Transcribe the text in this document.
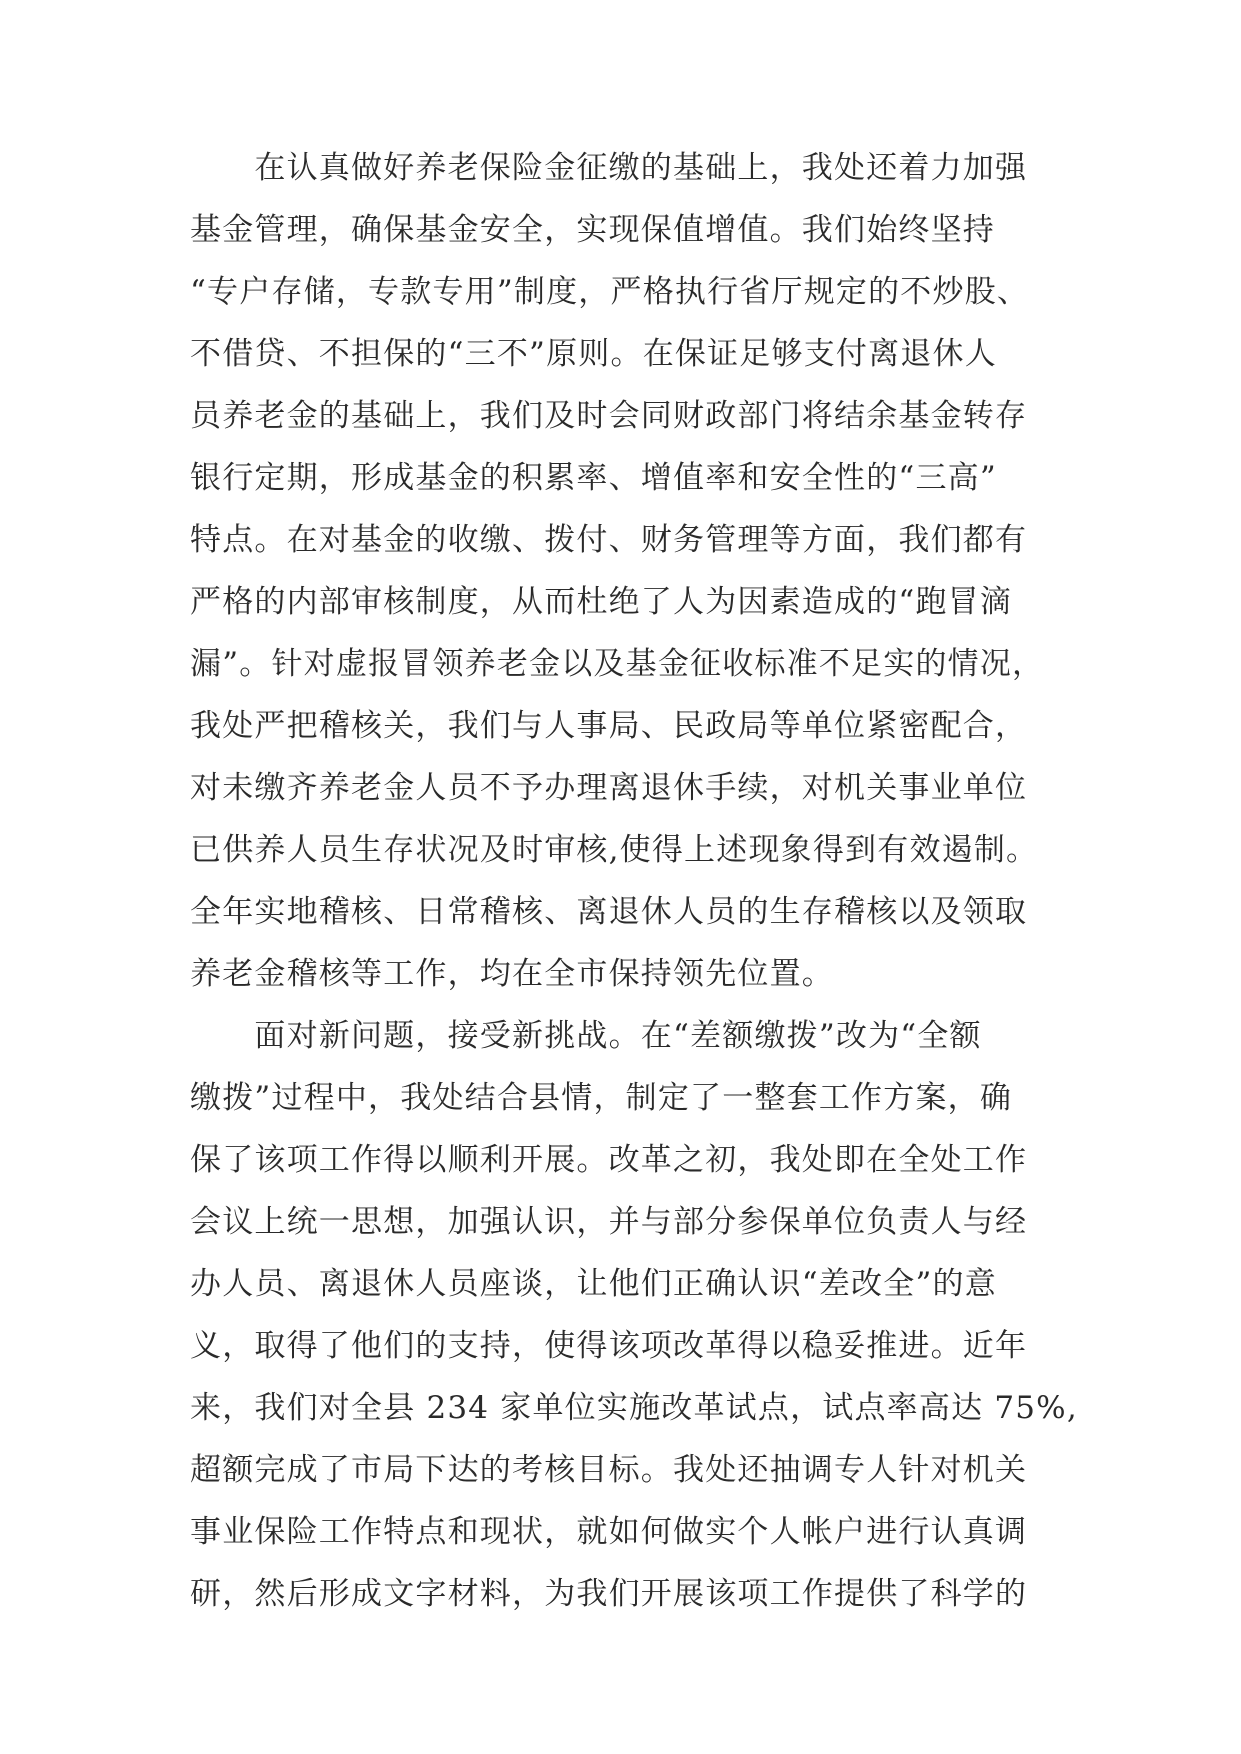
　　在认真做好养老保险金征缴的基础上，我处还着力加强
基金管理，确保基金安全，实现保值增值。我们始终坚持
“专户存储，专款专用”制度，严格执行省厅规定的不炒股、
不借贷、不担保的“三不”原则。在保证足够支付离退休人
员养老金的基础上，我们及时会同财政部门将结余基金转存
银行定期，形成基金的积累率、增值率和安全性的“三高”
特点。在对基金的收缴、拨付、财务管理等方面，我们都有
严格的内部审核制度，从而杜绝了人为因素造成的“跑冒滴
漏”。针对虚报冒领养老金以及基金征收标准不足实的情况，
我处严把稽核关，我们与人事局、民政局等单位紧密配合，
对未缴齐养老金人员不予办理离退休手续，对机关事业单位
已供养人员生存状况及时审核,使得上述现象得到有效遏制。
全年实地稽核、日常稽核、离退休人员的生存稽核以及领取
养老金稽核等工作，均在全市保持领先位置。
　　面对新问题，接受新挑战。在“差额缴拨”改为“全额
缴拨”过程中，我处结合县情，制定了一整套工作方案，确
保了该项工作得以顺利开展。改革之初，我处即在全处工作
会议上统一思想，加强认识，并与部分参保单位负责人与经
办人员、离退休人员座谈，让他们正确认识“差改全”的意
义，取得了他们的支持，使得该项改革得以稳妥推进。近年
来，我们对全县 234 家单位实施改革试点，试点率高达 75%,
超额完成了市局下达的考核目标。我处还抽调专人针对机关
事业保险工作特点和现状，就如何做实个人帐户进行认真调
研，然后形成文字材料，为我们开展该项工作提供了科学的
